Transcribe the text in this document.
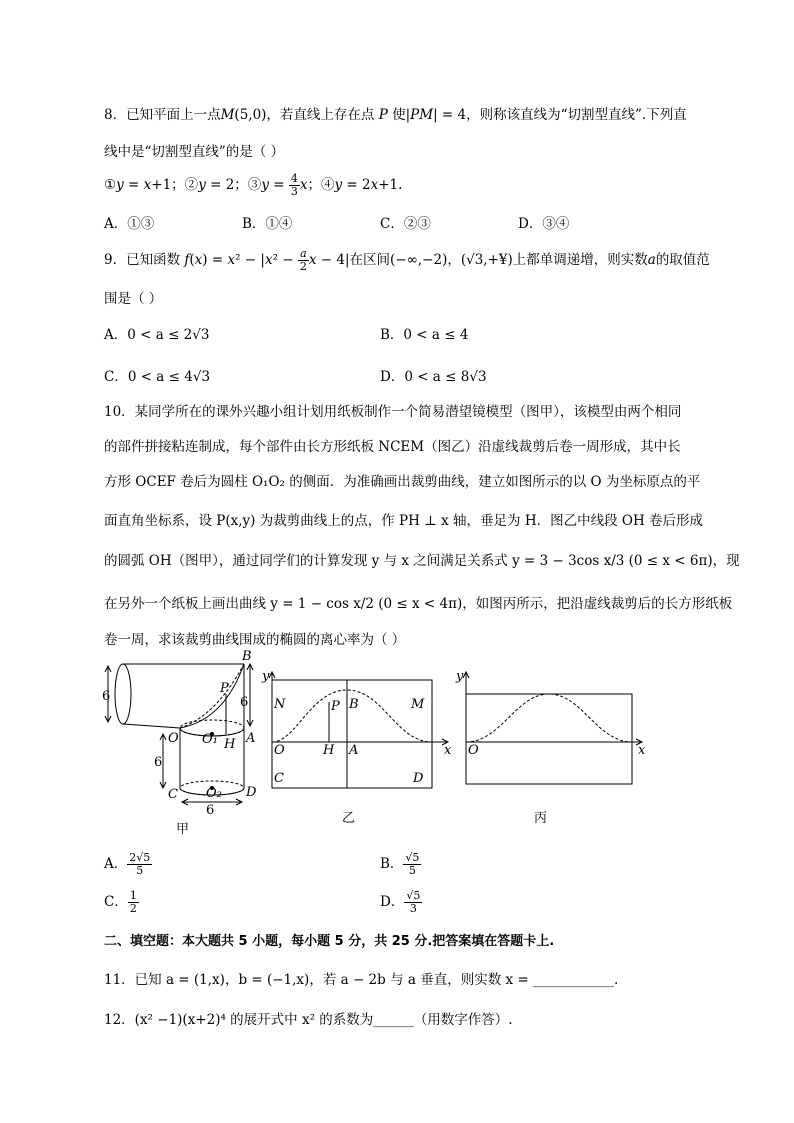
8．已知平面上一点M(5,0)，若直线上存在点 P 使|PM| = 4，则称该直线为“切割型直线”.下列直
线中是“切割型直线”的是（ ）
①y = x+1；②y = 2；③y = $\frac{4}{3}$ x；④y = 2x+1.
A．①③	B．①④	C．②③	D．③④
9．已知函数 $f(x) = x^2 - |x^2 - \frac{a}{2}$ x − 4|在区间(−∞,−2)，(√3,+¥)上都单调递增，则实数a的取值范
围是（ ）
A．0 < a ≤ 2√3	B．0 < a ≤ 4
C．0 < a ≤ 4√3	D．0 < a ≤ 8√3
10．某同学所在的课外兴趣小组计划用纸板制作一个简易潜望镜模型（图甲），该模型由两个相同
的部件拼接粘连制成，每个部件由长方形纸板 NCEM（图乙）沿虚线裁剪后卷一周形成，其中长
方形 OCEF 卷后为圆柱 O₁O₂ 的侧面．为准确画出裁剪曲线，建立如图所示的以 O 为坐标原点的平
面直角坐标系，设 P(x,y) 为裁剪曲线上的点，作 PH ⊥ x 轴，垂足为 H．图乙中线段 OH 卷后形成
的圆弧 OH（图甲），通过同学们的计算发现 y 与 x 之间满足关系式 y = 3 − 3cos x/3 (0 ≤ x < 6π)，现
在另外一个纸板上画出曲线 y = 1 − cos x/2 (0 ≤ x < 4π)，如图丙所示，把沿虚线裁剪后的长方形纸板
卷一周，求该裁剪曲线围成的椭圆的离心率为（ ）
6
B
P
6
O O₁ H A
6
C O₂ D
6
甲
y
N	P B	M
O	H A	x
C	D
乙
y
O	x
丙
A． $\frac{2√5}{5}$	B． $\frac{√5}{5}$
C． $\frac{1}{2}$	D． $\frac{√5}{3}$
二、填空题：本大题共 5 小题，每小题 5 分，共 25 分.把答案填在答题卡上.
11．已知 a = (1,x)，b = (−1,x)，若 a − 2b 与 a 垂直，则实数 x = ____________.
12．(x² −1)(x+2)⁴ 的展开式中 x² 的系数为______（用数字作答）.
